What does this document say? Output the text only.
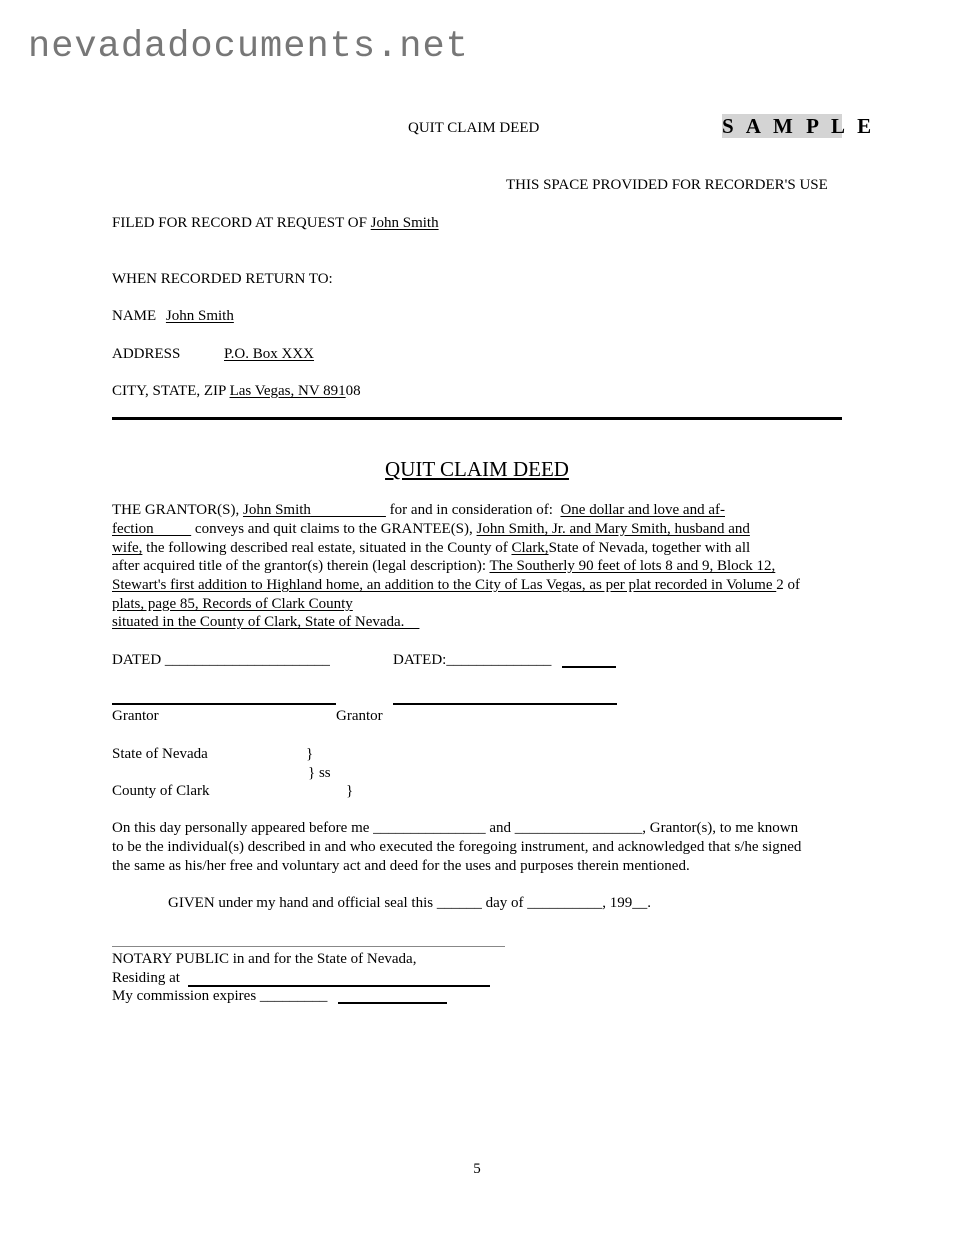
nevadadocuments.net
QUIT CLAIM DEED	S A M P L E
THIS SPACE PROVIDED FOR RECORDER'S USE
FILED FOR RECORD AT REQUEST OF John Smith
WHEN RECORDED RETURN TO:
NAME John Smith
ADDRESS	P.O. Box XXX
CITY, STATE, ZIP Las Vegas, NV 89108
QUIT CLAIM DEED
THE GRANTOR(S), John Smith	for and in consideration of:  One dollar and love and af-
fection           conveys and quit claims to the GRANTEE(S), John Smith, Jr. and Mary Smith, husband and
wife, the following described real estate, situated in the County of Clark,State of Nevada, together with all
after acquired title of the grantor(s) therein (legal description): The Southerly 90 feet of lots 8 and 9, Block 12,
Stewart's first addition to Highland home, an addition to the City of Las Vegas, as per plat recorded in Volume 2 of
plats, page 85, Records of Clark County
situated in the County of Clark, State of Nevada.
DATED ______________________	DATED:______________
Grantor	Grantor
State of Nevada	}
} ss
County of Clark	}
On this day personally appeared before me _______________ and _________________, Grantor(s), to me known
to be the individual(s) described in and who executed the foregoing instrument, and acknowledged that s/he signed
the same as his/her free and voluntary act and deed for the uses and purposes therein mentioned.
GIVEN under my hand and official seal this ______ day of __________, 199__.
NOTARY PUBLIC in and for the State of Nevada,
Residing at
My commission expires _________
5
